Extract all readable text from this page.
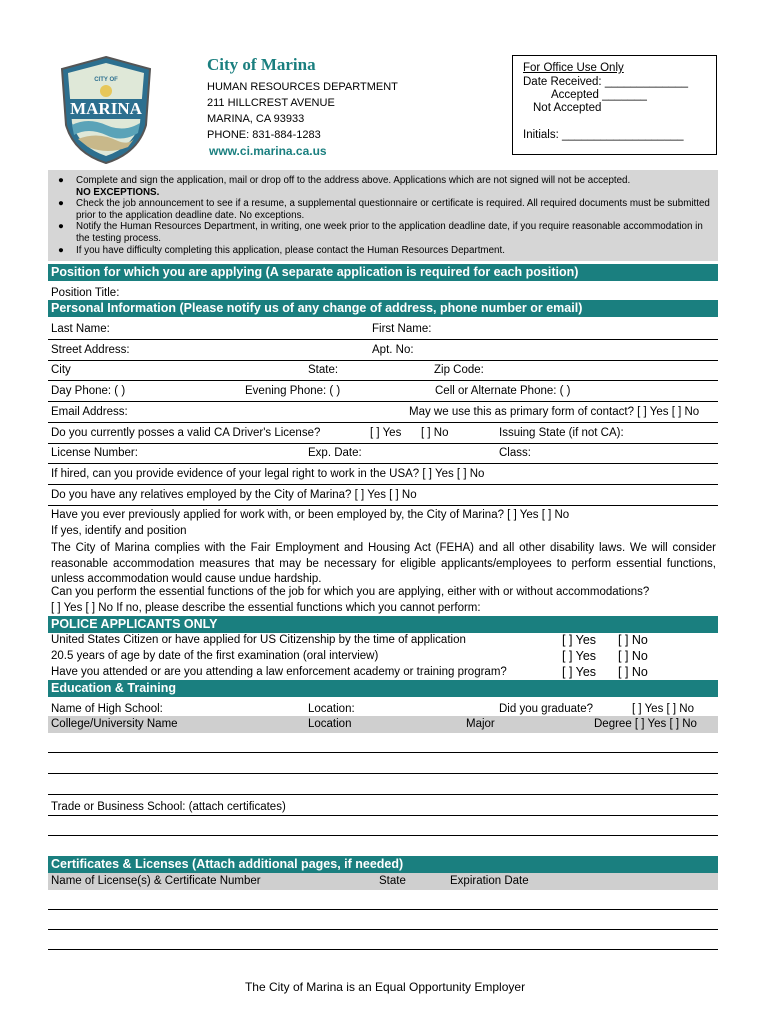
CITY OF
MARINA
City of Marina
HUMAN RESOURCES DEPARTMENT
211 HILLCREST AVENUE
MARINA, CA 93933
PHONE: 831-884-1283
www.ci.marina.ca.us
For Office Use Only
Date Received: _____________
Accepted _______
Not Accepted
Initials: ___________________
● Complete and sign the application, mail or drop off to the address above. Applications which are not signed will not be accepted.
NO EXCEPTIONS.
● Check the job announcement to see if a resume, a supplemental questionnaire or certificate is required. All required documents must be submitted prior to the application deadline date. No exceptions.
● Notify the Human Resources Department, in writing, one week prior to the application deadline date, if you require reasonable accommodation in the testing process.
● If you have difficulty completing this application, please contact the Human Resources Department.
Position for which you are applying (A separate application is required for each position)
Position Title:
Personal Information (Please notify us of any change of address, phone number or email)
Last Name:	First Name:
Street Address:	Apt. No:
City	State:	Zip Code:
Day Phone: ( )	Evening Phone: ( )	Cell or Alternate Phone: ( )
Email Address:	May we use this as primary form of contact? [ ] Yes [ ] No
Do you currently posses a valid CA Driver's License?	[ ] Yes [ ] No	Issuing State (if not CA):
License Number:	Exp. Date:	Class:
If hired, can you provide evidence of your legal right to work in the USA? [ ] Yes [ ] No
Do you have any relatives employed by the City of Marina? [ ] Yes [ ] No
Have you ever previously applied for work with, or been employed by, the City of Marina? [ ] Yes [ ] No
If yes, identify and position
The City of Marina complies with the Fair Employment and Housing Act (FEHA) and all other disability laws. We will consider reasonable accommodation measures that may be necessary for eligible applicants/employees to perform essential functions, unless accommodation would cause undue hardship.
Can you perform the essential functions of the job for which you are applying, either with or without accommodations?
[ ] Yes [ ] No If no, please describe the essential functions which you cannot perform:
POLICE APPLICANTS ONLY
United States Citizen or have applied for US Citizenship by the time of application	[ ] Yes [ ] No
20.5 years of age by date of the first examination (oral interview)	[ ] Yes [ ] No
Have you attended or are you attending a law enforcement academy or training program?	[ ] Yes [ ] No
Education & Training
Name of High School:	Location:	Did you graduate?	[ ] Yes [ ] No
College/University Name	Location	Major	Degree [ ] Yes [ ] No
Trade or Business School: (attach certificates)
Certificates & Licenses (Attach additional pages, if needed)
Name of License(s) & Certificate Number	State	Expiration Date
The City of Marina is an Equal Opportunity Employer
